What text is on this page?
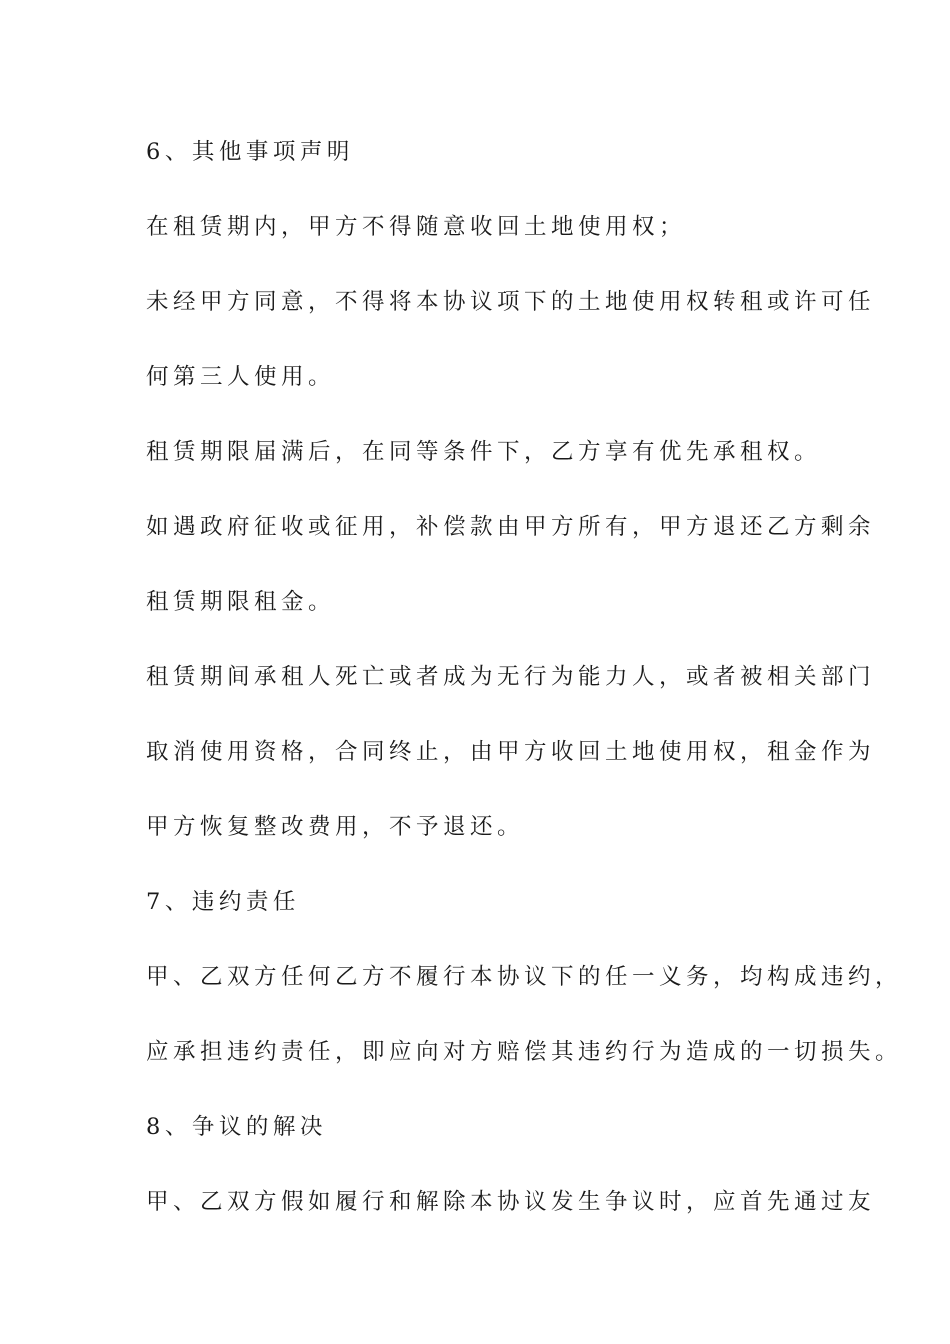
6、其他事项声明
在租赁期内，甲方不得随意收回土地使用权；
未经甲方同意，不得将本协议项下的土地使用权转租或许可任
何第三人使用。
租赁期限届满后，在同等条件下，乙方享有优先承租权。
如遇政府征收或征用，补偿款由甲方所有，甲方退还乙方剩余
租赁期限租金。
租赁期间承租人死亡或者成为无行为能力人，或者被相关部门
取消使用资格，合同终止，由甲方收回土地使用权，租金作为
甲方恢复整改费用，不予退还。
7、违约责任
甲、乙双方任何乙方不履行本协议下的任一义务，均构成违约，
应承担违约责任，即应向对方赔偿其违约行为造成的一切损失。
8、争议的解决
甲、乙双方假如履行和解除本协议发生争议时，应首先通过友
